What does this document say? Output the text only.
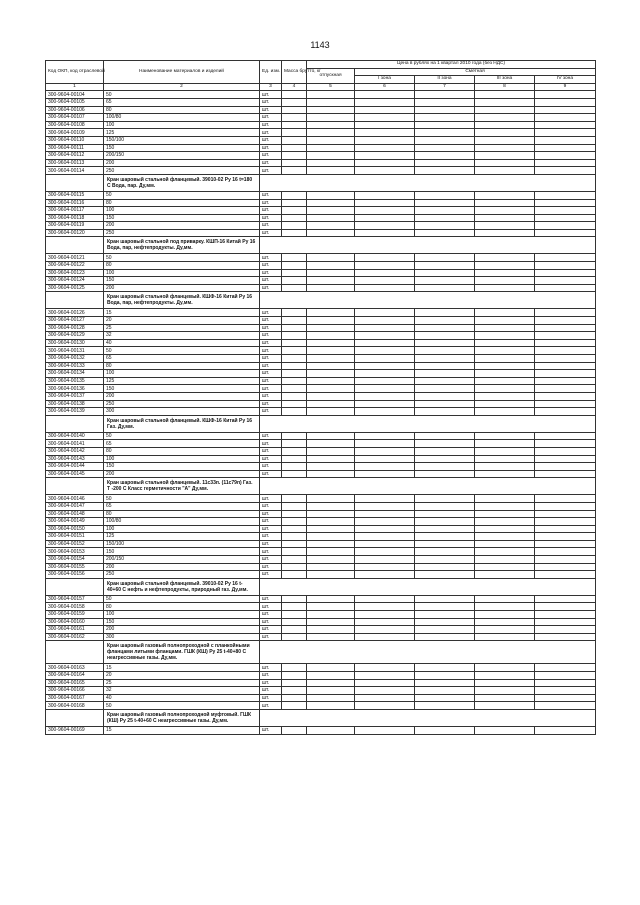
1143
Код ОКП, код отраслевой	Наименование материалов и изделий	Ед. изм.	Масса брутто, кг	Цена в рублях на 1 квартал 2010 года (без НДС)				
				отпускная	Сметная			
					I зона	II зона	III зона	IV зона
1	2	3	4	5	6	7	8	9
300-9604-00104	50	шт.						
300-9604-00105	65	шт.						
300-9604-00106	80	шт.						
300-9604-00107	100/80	шт.						
300-9604-00108	100	шт.						
300-9604-00109	125	шт.						
300-9604-00110	150/100	шт.						
300-9604-00111	150	шт.						
300-9604-00112	200/150	шт.						
300-9604-00113	200	шт.						
300-9604-00114	250	шт.						
	Кран шаровый стальной фланцевый. 39010-02 Ру 16 t=180 С Вода, пар. Ду,мм.							
300-9604-00115	50	шт.						
300-9604-00116	80	шт.						
300-9604-00117	100	шт.						
300-9604-00118	150	шт.						
300-9604-00119	200	шт.						
300-9604-00120	250	шт.						
	Кран шаровый стальной под приварку. КШП-16 Китай Ру 16 Вода, пар, нефтепродукты. Ду,мм.							
300-9604-00121	50	шт.						
300-9604-00122	80	шт.						
300-9604-00123	100	шт.						
300-9604-00124	150	шт.						
300-9604-00125	200	шт.						
	Кран шаровый стальной фланцевый. КШФ-16 Китай Ру 16 Вода, пар, нефтепродукты. Ду,мм.							
300-9604-00126	15	шт.						
300-9604-00127	20	шт.						
300-9604-00128	25	шт.						
300-9604-00129	32	шт.						
300-9604-00130	40	шт.						
300-9604-00131	50	шт.						
300-9604-00132	65	шт.						
300-9604-00133	80	шт.						
300-9604-00134	100	шт.						
300-9604-00135	125	шт.						
300-9604-00136	150	шт.						
300-9604-00137	200	шт.						
300-9604-00138	250	шт.						
300-9604-00139	300	шт.						
	Кран шаровый стальной фланцевый. КШФ-16 Китай Ру 16 Газ. Ду,мм.							
300-9604-00140	50	шт.						
300-9604-00141	65	шт.						
300-9604-00142	80	шт.						
300-9604-00143	100	шт.						
300-9604-00144	150	шт.						
300-9604-00145	200	шт.						
	Кран шаровый стальной фланцевый. 11с33п. (11с79п) Газ. Т -200 С Класс герметичности "А" Ду,мм.							
300-9604-00146	50	шт.						
300-9604-00147	65	шт.						
300-9604-00148	80	шт.						
300-9604-00149	100/80	шт.						
300-9604-00150	100	шт.						
300-9604-00151	125	шт.						
300-9604-00152	150/100	шт.						
300-9604-00153	150	шт.						
300-9604-00154	200/150	шт.						
300-9604-00155	200	шт.						
300-9604-00156	250	шт.						
	Кран шаровый стальной фланцевый. 39010-02 Ру 16 t-40+60 С нефть и нефтепродукты, природный газ. Ду,мм.							
300-9604-00157	50	шт.						
300-9604-00158	80	шт.						
300-9604-00159	100	шт.						
300-9604-00160	150	шт.						
300-9604-00161	200	шт.						
300-9604-00162	300	шт.						
	Кран шаровый газовый полнопроходной с планкойными фланцами литыми фланцами. ГШК (КШ) Ру 25 t-40+80 С неагрессивные газы. Ду,мм.							
300-9604-00163	15	шт.						
300-9604-00164	20	шт.						
300-9604-00165	25	шт.						
300-9604-00166	32	шт.						
300-9604-00167	40	шт.						
300-9604-00168	50	шт.						
	Кран шаровый газовый полнопроходной муфтовый. ГШК (КШ) Ру 25 t-40+60 С неагрессивные газы. Ду,мм.							
300-9604-00169	15	шт.						
